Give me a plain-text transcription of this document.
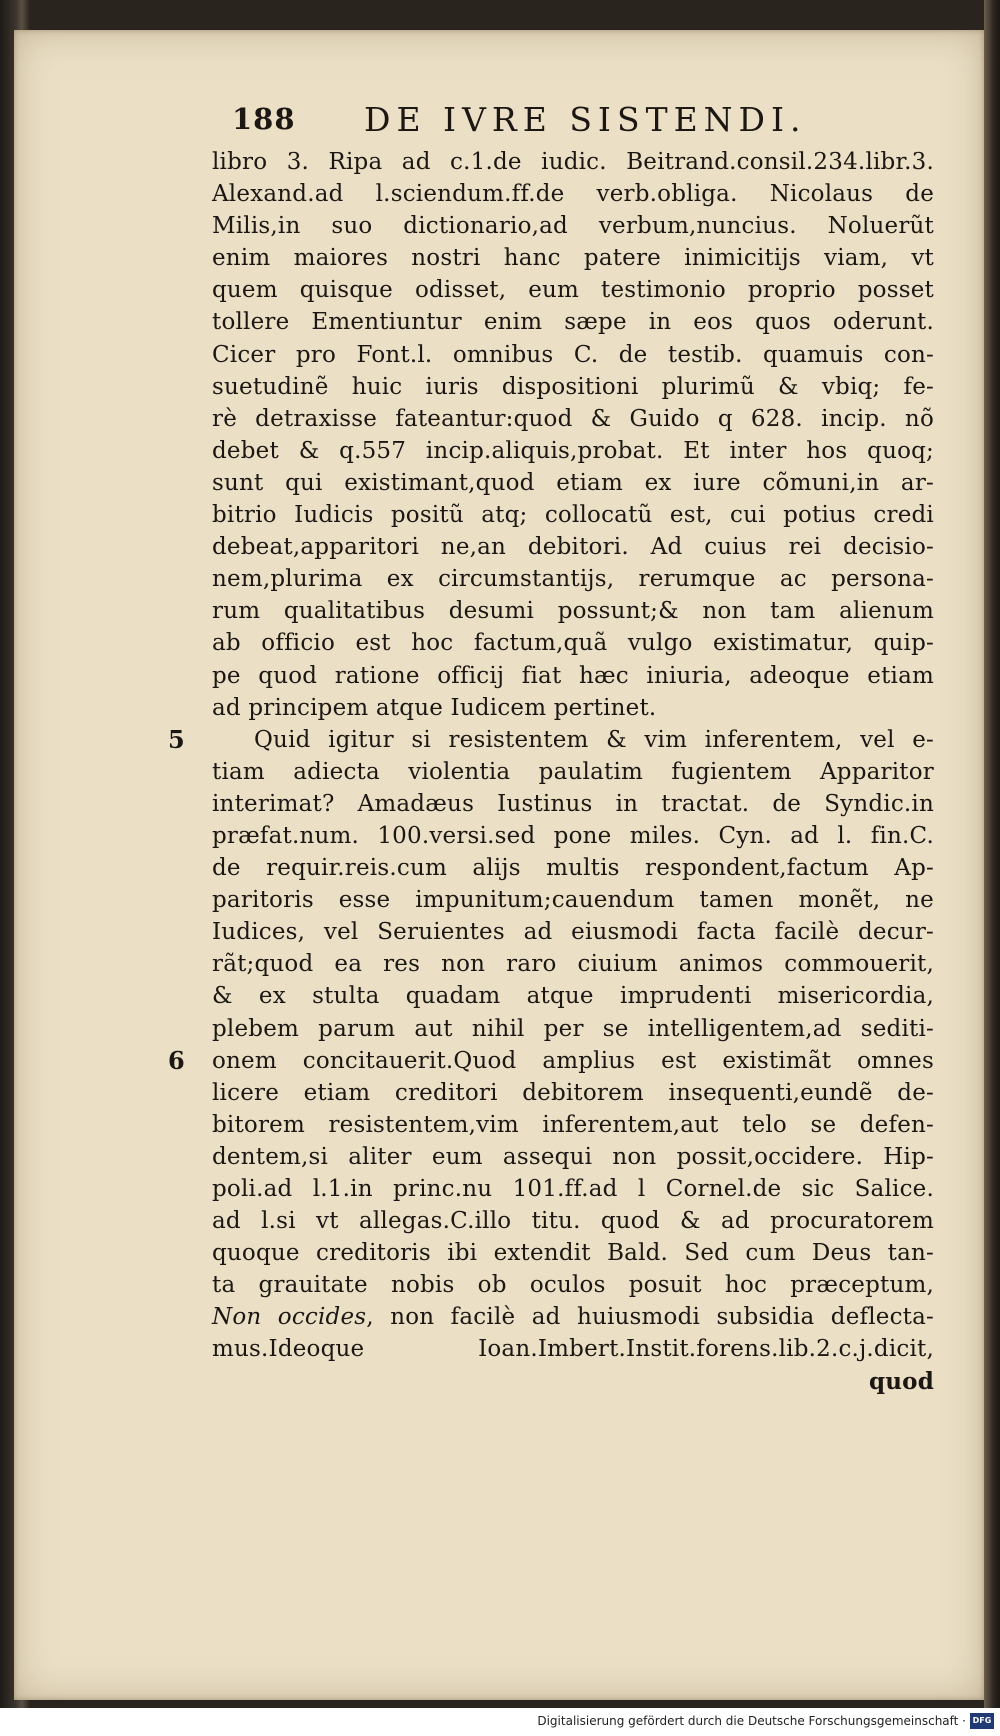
188 DE IVRE SISTENDI.
libro 3. Ripa ad c.1.de iudic. Beitrand.consil.234.libr.3.
Alexand.ad l.sciendum.ff.de verb.obliga. Nicolaus de
Milis,in suo dictionario,ad verbum,nuncius. Noluerũt
enim maiores nostri hanc patere inimicitijs viam, vt
quem quisque odisset, eum testimonio proprio posset
tollere Ementiuntur enim sæpe in eos quos oderunt.
Cicer pro Font.l. omnibus C. de testib. quamuis con-
suetudinẽ huic iuris dispositioni plurimũ & vbiq; fe-
rè detraxisse fateantur:quod & Guido q 628. incip. nõ
debet & q.557 incip.aliquis,probat. Et inter hos quoq;
sunt qui existimant,quod etiam ex iure cõmuni,in ar-
bitrio Iudicis positũ atq; collocatũ est, cui potius credi
debeat,apparitori ne,an debitori. Ad cuius rei decisio-
nem,plurima ex circumstantijs, rerumque ac persona-
rum qualitatibus desumi possunt;& non tam alienum
ab officio est hoc factum,quã vulgo existimatur, quip-
pe quod ratione officij fiat hæc iniuria, adeoque etiam
ad principem atque Iudicem pertinet.
5	Quid igitur si resistentem & vim inferentem, vel e-
tiam adiecta violentia paulatim fugientem Apparitor
interimat? Amadæus Iustinus in tractat. de Syndic.in
præfat.num. 100.versi.sed pone miles. Cyn. ad l. fin.C.
de requir.reis.cum alijs multis respondent,factum Ap-
paritoris esse impunitum;cauendum tamen monẽt, ne
Iudices, vel Seruientes ad eiusmodi facta facilè decur-
rãt;quod ea res non raro ciuium animos commouerit,
& ex stulta quadam atque imprudenti misericordia,
plebem parum aut nihil per se intelligentem,ad sediti-
6 onem concitauerit.Quod amplius est existimãt omnes
licere etiam creditori debitorem insequenti,eundẽ de-
bitorem resistentem,vim inferentem,aut telo se defen-
dentem,si aliter eum assequi non possit,occidere. Hip-
poli.ad l.1.in princ.nu 101.ff.ad l Cornel.de sic Salice.
ad l.si vt allegas.C.illo titu. quod & ad procuratorem
quoque creditoris ibi extendit Bald. Sed cum Deus tan-
ta grauitate nobis ob oculos posuit hoc præceptum,
Non occides, non facilè ad huiusmodi subsidia deflecta-
mus.Ideoque Ioan.Imbert.Instit.forens.lib.2.c.j.dicit,
quod
Digitalisierung gefördert durch die Deutsche Forschungsgemeinschaft · DFG
